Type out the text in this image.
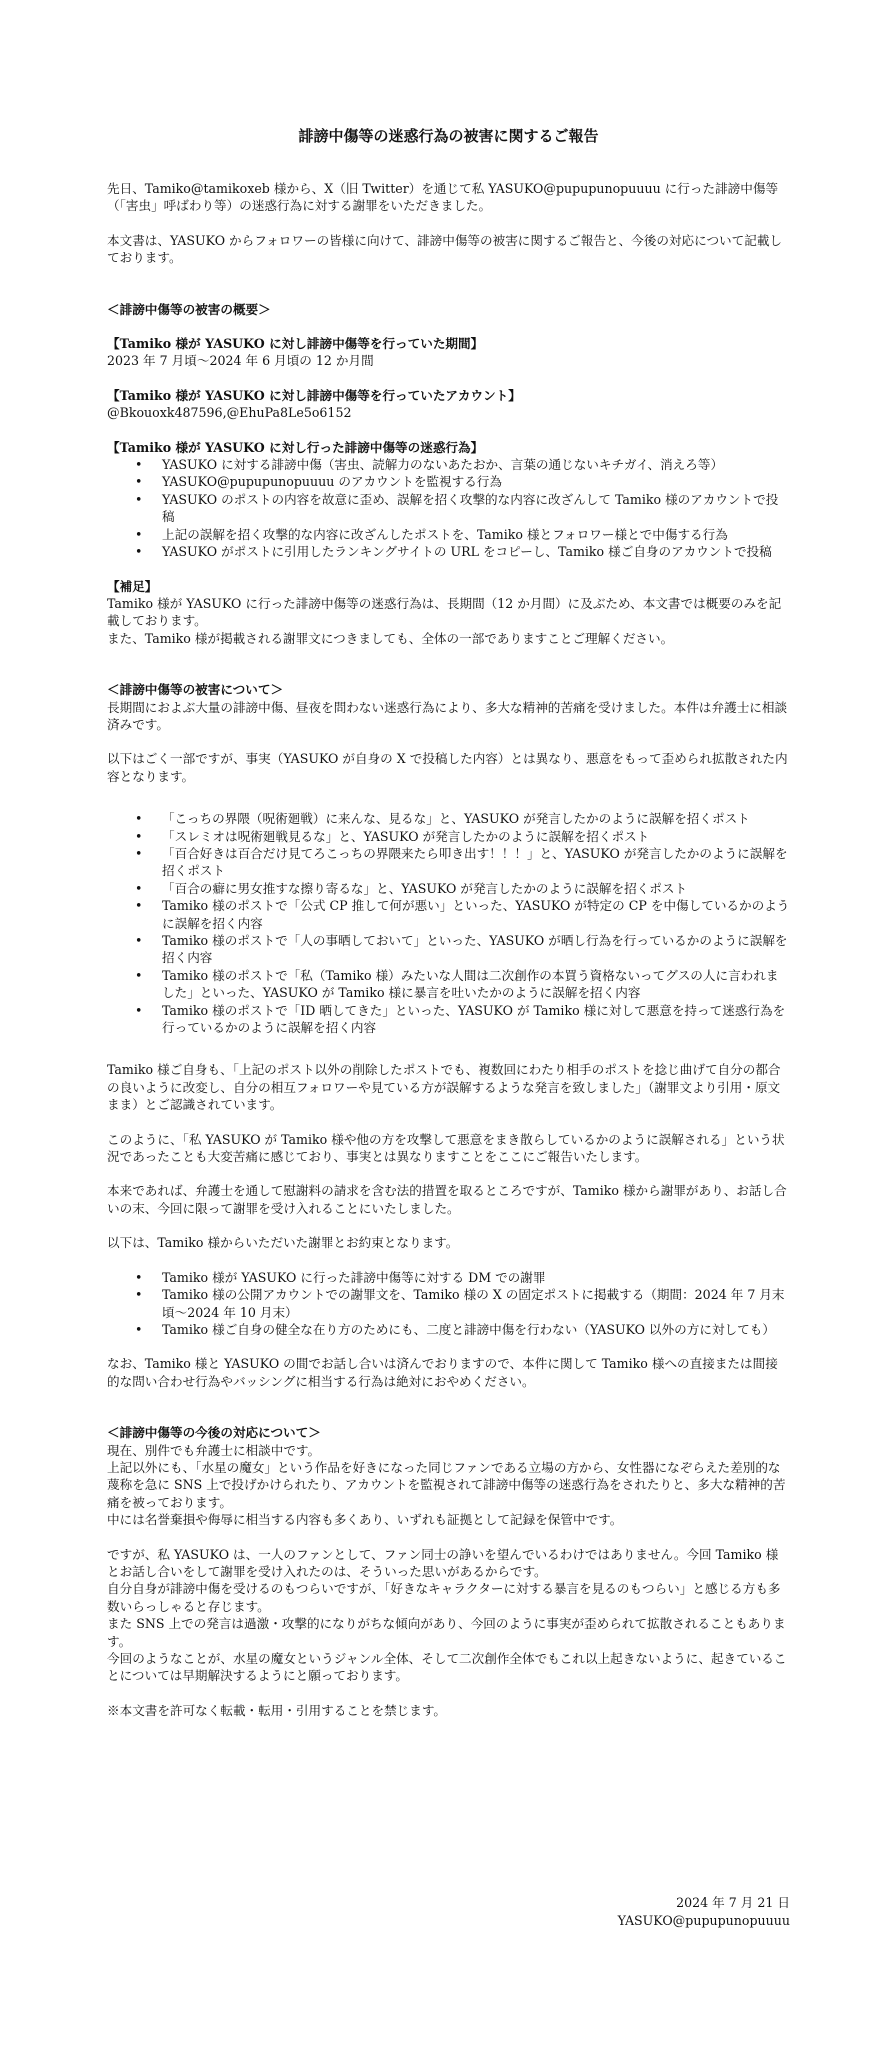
誹謗中傷等の迷惑行為の被害に関するご報告

先日、Tamiko@tamikoxeb 様から、X（旧 Twitter）を通じて私 YASUKO@pupupunopuuuu に行った誹謗中傷等（「害虫」呼ばわり等）の迷惑行為に対する謝罪をいただきました。

本文書は、YASUKO からフォロワーの皆様に向けて、誹謗中傷等の被害に関するご報告と、今後の対応について記載しております。

＜誹謗中傷等の被害の概要＞

【Tamiko 様が YASUKO に対し誹謗中傷等を行っていた期間】

2023 年 7 月頃〜2024 年 6 月頃の 12 か月間

【Tamiko 様が YASUKO に対し誹謗中傷等を行っていたアカウント】

@Bkouoxk487596,@EhuPa8Le5o6152

【Tamiko 様が YASUKO に対し行った誹謗中傷等の迷惑行為】

• YASUKO に対する誹謗中傷（害虫、読解力のないあたおか、言葉の通じないキチガイ、消えろ等）
• YASUKO@pupupunopuuuu のアカウントを監視する行為
• YASUKO のポストの内容を故意に歪め、誤解を招く攻撃的な内容に改ざんして Tamiko 様のアカウントで投稿
• 上記の誤解を招く攻撃的な内容に改ざんしたポストを、Tamiko 様とフォロワー様とで中傷する行為
• YASUKO がポストに引用したランキングサイトの URL をコピーし、Tamiko 様ご自身のアカウントで投稿

【補足】

Tamiko 様が YASUKO に行った誹謗中傷等の迷惑行為は、長期間（12 か月間）に及ぶため、本文書では概要のみを記載しております。

また、Tamiko 様が掲載される謝罪文につきましても、全体の一部でありますことご理解ください。

＜誹謗中傷等の被害について＞

長期間におよぶ大量の誹謗中傷、昼夜を問わない迷惑行為により、多大な精神的苦痛を受けました。本件は弁護士に相談済みです。

以下はごく一部ですが、事実（YASUKO が自身の X で投稿した内容）とは異なり、悪意をもって歪められ拡散された内容となります。

• 「こっちの界隈（呪術廻戦）に来んな、見るな」と、YASUKO が発言したかのように誤解を招くポスト
• 「スレミオは呪術廻戦見るな」と、YASUKO が発言したかのように誤解を招くポスト
• 「百合好きは百合だけ見てろこっちの界隈来たら叩き出す！！！」と、YASUKO が発言したかのように誤解を招くポスト
• 「百合の癖に男女推すな擦り寄るな」と、YASUKO が発言したかのように誤解を招くポスト
• Tamiko 様のポストで「公式 CP 推して何が悪い」といった、YASUKO が特定の CP を中傷しているかのように誤解を招く内容
• Tamiko 様のポストで「人の事晒しておいて」といった、YASUKO が晒し行為を行っているかのように誤解を招く内容
• Tamiko 様のポストで「私（Tamiko 様）みたいな人間は二次創作の本買う資格ないってグスの人に言われました」といった、YASUKO が Tamiko 様に暴言を吐いたかのように誤解を招く内容
• Tamiko 様のポストで「ID 晒してきた」といった、YASUKO が Tamiko 様に対して悪意を持って迷惑行為を行っているかのように誤解を招く内容

Tamiko 様ご自身も、「上記のポスト以外の削除したポストでも、複数回にわたり相手のポストを捻じ曲げて自分の都合の良いように改変し、自分の相互フォロワーや見ている方が誤解するような発言を致しました」（謝罪文より引用・原文まま）とご認識されています。

このように、「私 YASUKO が Tamiko 様や他の方を攻撃して悪意をまき散らしているかのように誤解される」という状況であったことも大変苦痛に感じており、事実とは異なりますことをここにご報告いたします。

本来であれば、弁護士を通して慰謝料の請求を含む法的措置を取るところですが、Tamiko 様から謝罪があり、お話し合いの末、今回に限って謝罪を受け入れることにいたしました。

以下は、Tamiko 様からいただいた謝罪とお約束となります。

• Tamiko 様が YASUKO に行った誹謗中傷等に対する DM での謝罪
• Tamiko 様の公開アカウントでの謝罪文を、Tamiko 様の X の固定ポストに掲載する（期間：2024 年 7 月末頃〜2024 年 10 月末）
• Tamiko 様ご自身の健全な在り方のためにも、二度と誹謗中傷を行わない（YASUKO 以外の方に対しても）

なお、Tamiko 様と YASUKO の間でお話し合いは済んでおりますので、本件に関して Tamiko 様への直接または間接的な問い合わせ行為やバッシングに相当する行為は絶対におやめください。

＜誹謗中傷等の今後の対応について＞

現在、別件でも弁護士に相談中です。

上記以外にも、「水星の魔女」という作品を好きになった同じファンである立場の方から、女性器になぞらえた差別的な蔑称を急に SNS 上で投げかけられたり、アカウントを監視されて誹謗中傷等の迷惑行為をされたりと、多大な精神的苦痛を被っております。

中には名誉棄損や侮辱に相当する内容も多くあり、いずれも証拠として記録を保管中です。

ですが、私 YASUKO は、一人のファンとして、ファン同士の諍いを望んでいるわけではありません。今回 Tamiko 様とお話し合いをして謝罪を受け入れたのは、そういった思いがあるからです。

自分自身が誹謗中傷を受けるのもつらいですが、「好きなキャラクターに対する暴言を見るのもつらい」と感じる方も多数いらっしゃると存じます。

また SNS 上での発言は過激・攻撃的になりがちな傾向があり、今回のように事実が歪められて拡散されることもあります。

今回のようなことが、水星の魔女というジャンル全体、そして二次創作全体でもこれ以上起きないように、起きていることについては早期解決するようにと願っております。

※本文書を許可なく転載・転用・引用することを禁じます。

2024 年 7 月 21 日
YASUKO@pupupunopuuuu
